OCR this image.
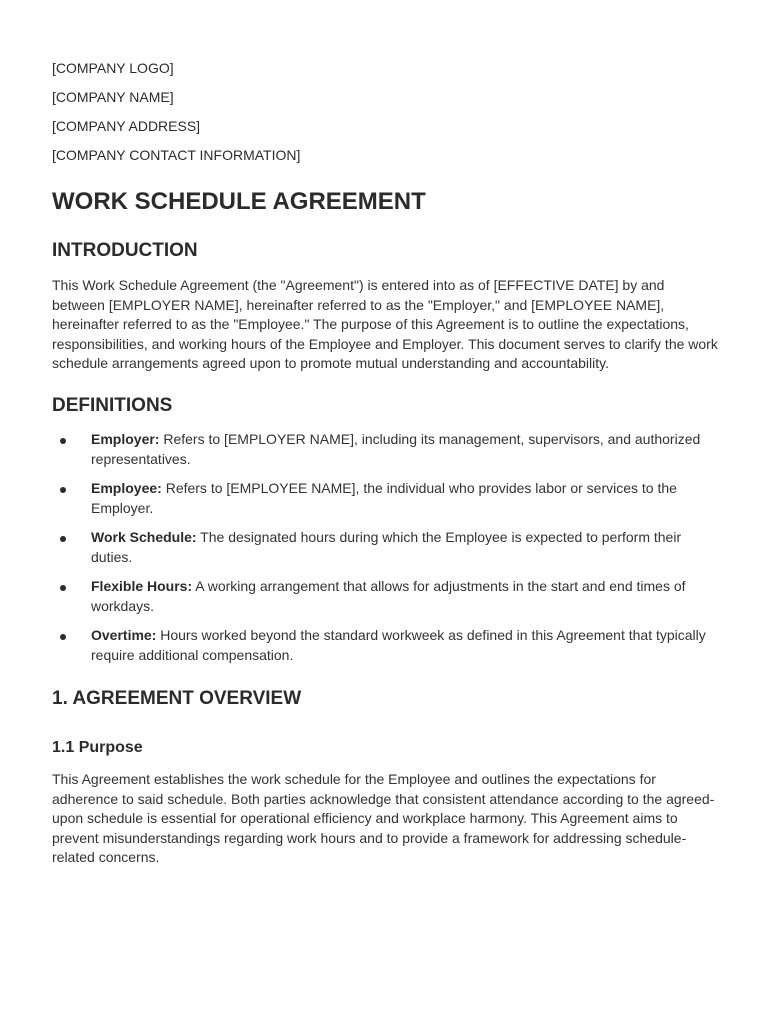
[COMPANY LOGO]
[COMPANY NAME]
[COMPANY ADDRESS]
[COMPANY CONTACT INFORMATION]
WORK SCHEDULE AGREEMENT
INTRODUCTION

This Work Schedule Agreement (the "Agreement") is entered into as of [EFFECTIVE DATE] by and between [EMPLOYER NAME], hereinafter referred to as the "Employer," and [EMPLOYEE NAME], hereinafter referred to as the "Employee." The purpose of this Agreement is to outline the expectations, responsibilities, and working hours of the Employee and Employer. This document serves to clarify the work schedule arrangements agreed upon to promote mutual understanding and accountability.

DEFINITIONS
Employer: Refers to [EMPLOYER NAME], including its management, supervisors, and authorized representatives.
Employee: Refers to [EMPLOYEE NAME], the individual who provides labor or services to the Employer.
Work Schedule: The designated hours during which the Employee is expected to perform their duties.
Flexible Hours: A working arrangement that allows for adjustments in the start and end times of workdays.
Overtime: Hours worked beyond the standard workweek as defined in this Agreement that typically require additional compensation.
1. AGREEMENT OVERVIEW
1.1 Purpose

This Agreement establishes the work schedule for the Employee and outlines the expectations for adherence to said schedule. Both parties acknowledge that consistent attendance according to the agreed-upon schedule is essential for operational efficiency and workplace harmony. This Agreement aims to prevent misunderstandings regarding work hours and to provide a framework for addressing schedule-related concerns.
